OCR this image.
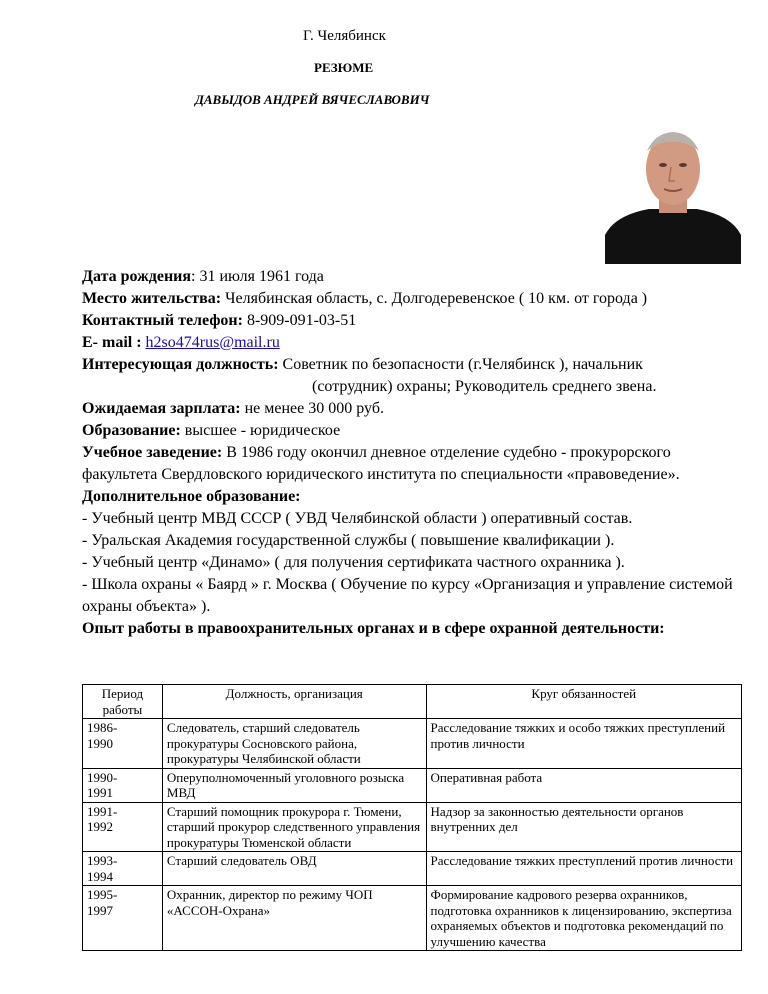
Г. Челябинск
РЕЗЮМЕ
ДАВЫДОВ АНДРЕЙ ВЯЧЕСЛАВОВИЧ
Дата рождения: 31 июля 1961 года
Место жительства: Челябинская область, с. Долгодеревенское ( 10 км. от города )
Контактный телефон: 8-909-091-03-51
E- mail : h2so474rus@mail.ru
Интересующая должность: Советник по безопасности (г.Челябинск ), начальник
(сотрудник) охраны; Руководитель среднего звена.
Ожидаемая зарплата: не менее 30 000 руб.
Образование: высшее - юридическое
Учебное заведение: В 1986 году окончил дневное отделение судебно - прокурорского факультета Свердловского юридического института по специальности «правоведение».
Дополнительное образование:
- Учебный центр МВД СССР ( УВД Челябинской области ) оперативный состав.
- Уральская Академия государственной службы ( повышение квалификации ).
- Учебный центр «Динамо» ( для получения сертификата частного охранника ).
- Школа охраны « Баярд » г. Москва ( Обучение по курсу «Организация и управление системой охраны объекта» ).
Опыт работы в правоохранительных органах и в сфере охранной деятельности:
Период работы	Должность, организация	Круг обязанностей
1986-
1990	Следователь, старший следователь прокуратуры Сосновского района, прокуратуры Челябинской области	Расследование тяжких и особо тяжких преступлений против личности
1990-
1991	Оперуполномоченный уголовного розыска МВД	Оперативная работа
1991-
1992	Старший помощник прокурора г. Тюмени, старший прокурор следственного управления прокуратуры Тюменской области	Надзор за законностью деятельности органов внутренних дел
1993-
1994	Старший следователь ОВД	Расследование тяжких преступлений против личности
1995-
1997	Охранник, директор по режиму ЧОП «АССОН-Охрана»	Формирование кадрового резерва охранников, подготовка охранников к лицензированию, экспертиза охраняемых объектов и подготовка рекомендаций по улучшению качества
